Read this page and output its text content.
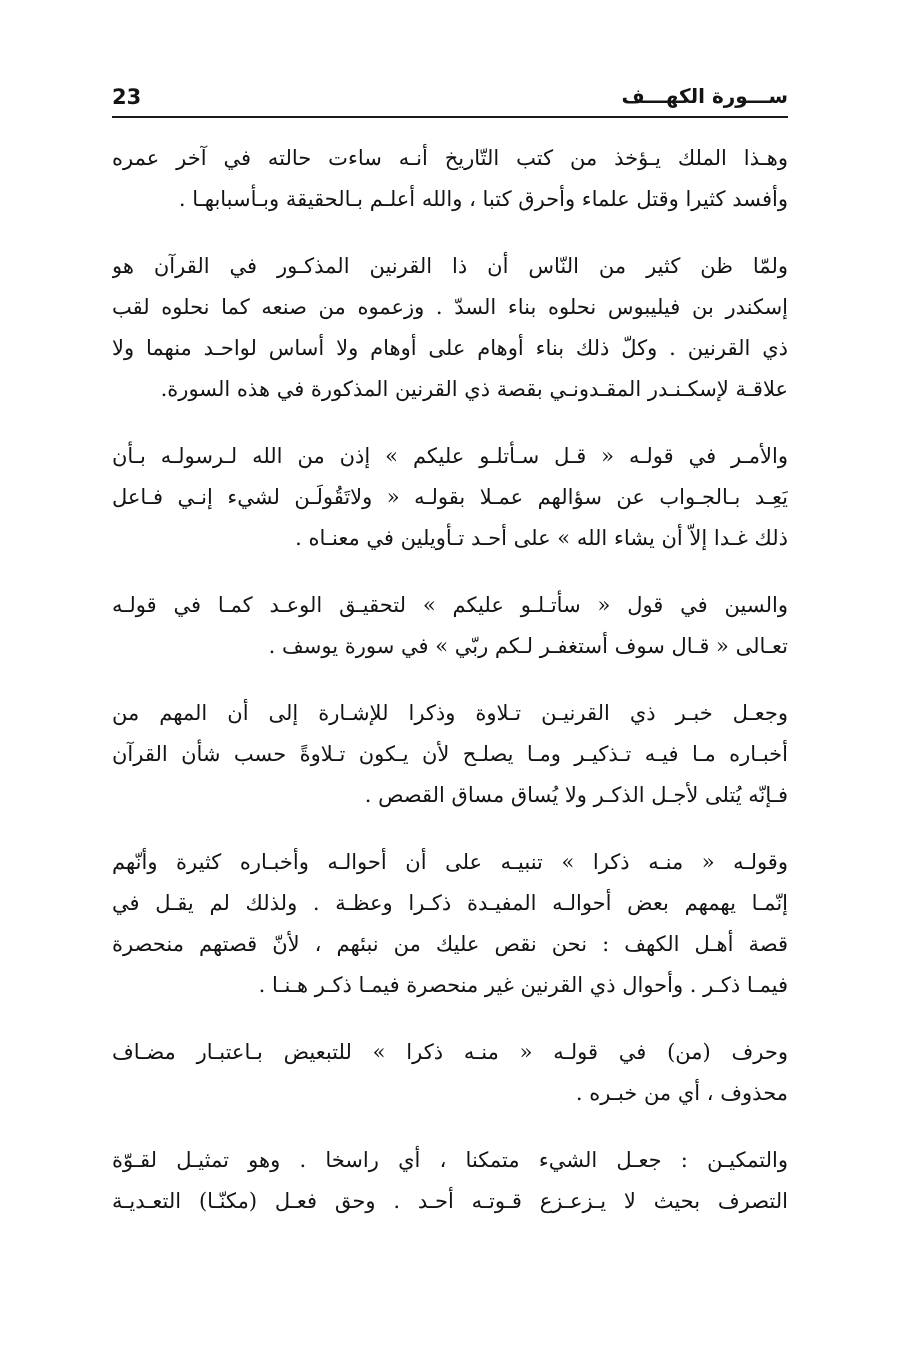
23	ســـورة الكهـــف
وهـذا الملك يـؤخذ من كتب التّاريخ أنـه ساءت حالته في آخر عمره
وأفسد كثيرا وقتل علماء وأحرق كتبا ، والله أعلـم بـالحقيقة وبـأسبابهـا .
ولمّا ظن كثير من النّاس أن ذا القرنين المذكـور في القرآن هو
إسكندر بن فيليبوس نحلوه بناء السدّ . وزعموه من صنعه كما نحلوه لقب
ذي القرنين . وكلّ ذلك بناء أوهام على أوهام ولا أساس لواحـد منهما ولا
علاقـة لإسكـنـدر المقـدونـي بقصة ذي القرنين المذكورة في هذه السورة.
والأمـر في قولـه « قـل سـأتلـو عليكم » إذن من الله لـرسولـه بـأن
يَعِـد بـالجـواب عن سؤالهم عمـلا بقولـه « ولاتَقُولَـن لشيء إنـي فـاعل
ذلك غـدا إلاّ أن يشاء الله » على أحـد تـأويلين في معنـاه .
والسين في قول « سأتـلـو عليكم » لتحقيـق الوعـد كمـا في قولـه
تعـالى « قـال سوف أستغفـر لـكم ربّي » في سورة يوسف .
وجعـل خبـر ذي القرنيـن تـلاوة وذكرا للإشـارة إلى أن المهم من
أخبـاره مـا فيـه تـذكيـر ومـا يصلـح لأن يـكون تـلاوةً حسب شأن القرآن
فـإنّه يُتلى لأجـل الذكـر ولا يُساق مساق القصص .
وقولـه « منـه ذكرا » تنبيـه على أن أحوالـه وأخبـاره كثيرة وأنّهم
إنّمـا يهمهم بعض أحوالـه المفيـدة ذكـرا وعظـة . ولذلك لم يقـل في
قصة أهـل الكهف : نحن نقص عليك من نبئهم ، لأنّ قصتهم منحصرة
فيمـا ذكـر . وأحوال ذي القرنين غير منحصرة فيمـا ذكـر هـنـا .
وحرف (من) في قولـه « منـه ذكرا » للتبعيض بـاعتبـار مضـاف
محذوف ، أي من خبـره .
والتمكيـن : جعـل الشيء متمكنا ، أي راسخا . وهو تمثيـل لقـوّة
التصرف بحيث لا يـزعـزع قـوتـه أحـد . وحق فعـل (مكنّـا) التعـديـة
